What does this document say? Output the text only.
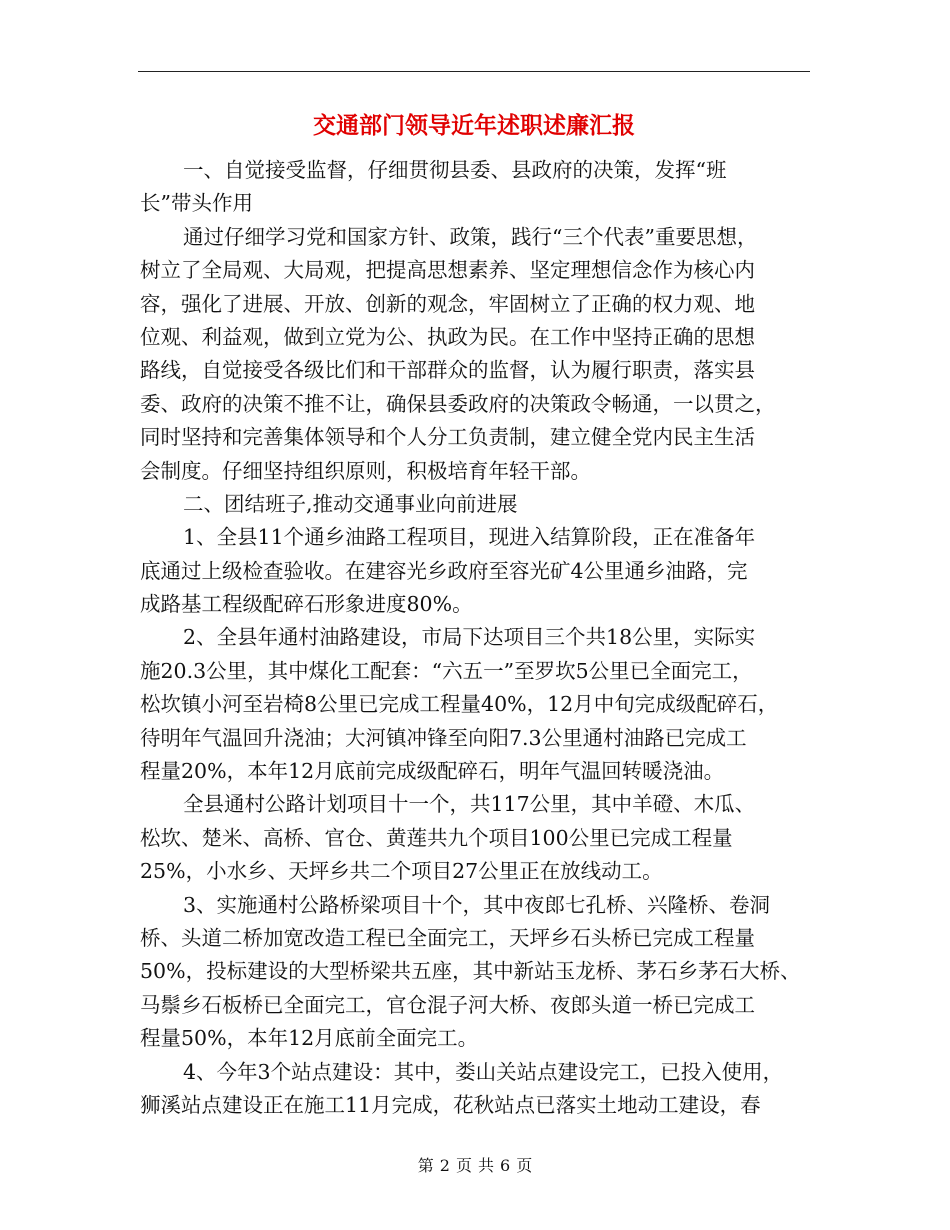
交通部门领导近年述职述廉汇报
一、自觉接受监督，仔细贯彻县委、县政府的决策，发挥“班
长”带头作用
通过仔细学习党和国家方针、政策，践行“三个代表”重要思想，
树立了全局观、大局观，把提高思想素养、坚定理想信念作为核心内
容，强化了进展、开放、创新的观念，牢固树立了正确的权力观、地
位观、利益观，做到立党为公、执政为民。在工作中坚持正确的思想
路线，自觉接受各级比们和干部群众的监督，认为履行职责，落实县
委、政府的决策不推不让，确保县委政府的决策政令畅通，一以贯之，
同时坚持和完善集体领导和个人分工负责制，建立健全党内民主生活
会制度。仔细坚持组织原则，积极培育年轻干部。
二、团结班子,推动交通事业向前进展
1、全县11个通乡油路工程项目，现进入结算阶段，正在准备年
底通过上级检查验收。在建容光乡政府至容光矿4公里通乡油路，完
成路基工程级配碎石形象进度80%。
2、全县年通村油路建设，市局下达项目三个共18公里，实际实
施20.3公里，其中煤化工配套：“六五一”至罗坎5公里已全面完工，
松坎镇小河至岩椅8公里已完成工程量40%，12月中旬完成级配碎石，
待明年气温回升浇油；大河镇冲锋至向阳7.3公里通村油路已完成工
程量20%，本年12月底前完成级配碎石，明年气温回转暖浇油。
全县通村公路计划项目十一个，共117公里，其中羊磴、木瓜、
松坎、楚米、高桥、官仓、黄莲共九个项目100公里已完成工程量
25%，小水乡、天坪乡共二个项目27公里正在放线动工。
3、实施通村公路桥梁项目十个，其中夜郎七孔桥、兴隆桥、卷洞
桥、头道二桥加宽改造工程已全面完工，天坪乡石头桥已完成工程量
50%，投标建设的大型桥梁共五座，其中新站玉龙桥、茅石乡茅石大桥、
马鬃乡石板桥已全面完工，官仓混子河大桥、夜郎头道一桥已完成工
程量50%，本年12月底前全面完工。
4、今年3个站点建设：其中，娄山关站点建设完工，已投入使用，
狮溪站点建设正在施工11月完成，花秋站点已落实土地动工建设，春
第 2 页 共 6 页
